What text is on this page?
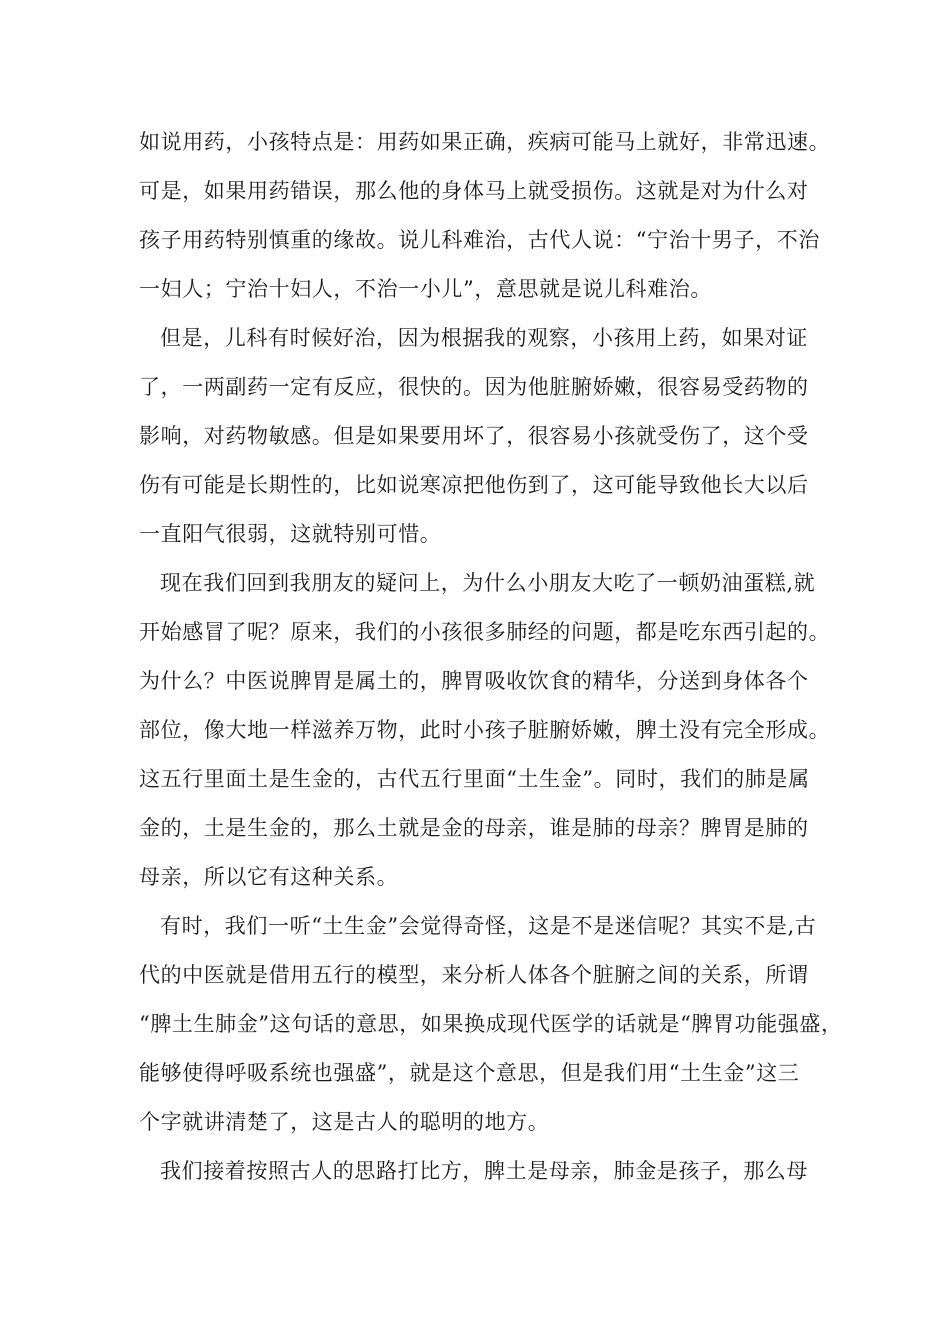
如说用药，小孩特点是：用药如果正确，疾病可能马上就好，非常迅速。
可是，如果用药错误，那么他的身体马上就受损伤。这就是对为什么对
孩子用药特别慎重的缘故。说儿科难治，古代人说：“宁治十男子，不治
一妇人；宁治十妇人，不治一小儿”，意思就是说儿科难治。
但是，儿科有时候好治，因为根据我的观察，小孩用上药，如果对证
了，一两副药一定有反应，很快的。因为他脏腑娇嫩，很容易受药物的
影响，对药物敏感。但是如果要用坏了，很容易小孩就受伤了，这个受
伤有可能是长期性的，比如说寒凉把他伤到了，这可能导致他长大以后
一直阳气很弱，这就特别可惜。
现在我们回到我朋友的疑问上，为什么小朋友大吃了一顿奶油蛋糕,就
开始感冒了呢？原来，我们的小孩很多肺经的问题，都是吃东西引起的。
为什么？中医说脾胃是属土的，脾胃吸收饮食的精华，分送到身体各个
部位，像大地一样滋养万物，此时小孩子脏腑娇嫩，脾土没有完全形成。
这五行里面土是生金的，古代五行里面“土生金”。同时，我们的肺是属
金的，土是生金的，那么土就是金的母亲，谁是肺的母亲？脾胃是肺的
母亲，所以它有这种关系。
有时，我们一听“土生金”会觉得奇怪，这是不是迷信呢？其实不是,古
代的中医就是借用五行的模型，来分析人体各个脏腑之间的关系，所谓
“脾土生肺金”这句话的意思，如果换成现代医学的话就是“脾胃功能强盛，
能够使得呼吸系统也强盛”，就是这个意思，但是我们用“土生金”这三
个字就讲清楚了，这是古人的聪明的地方。
我们接着按照古人的思路打比方，脾土是母亲，肺金是孩子，那么母
